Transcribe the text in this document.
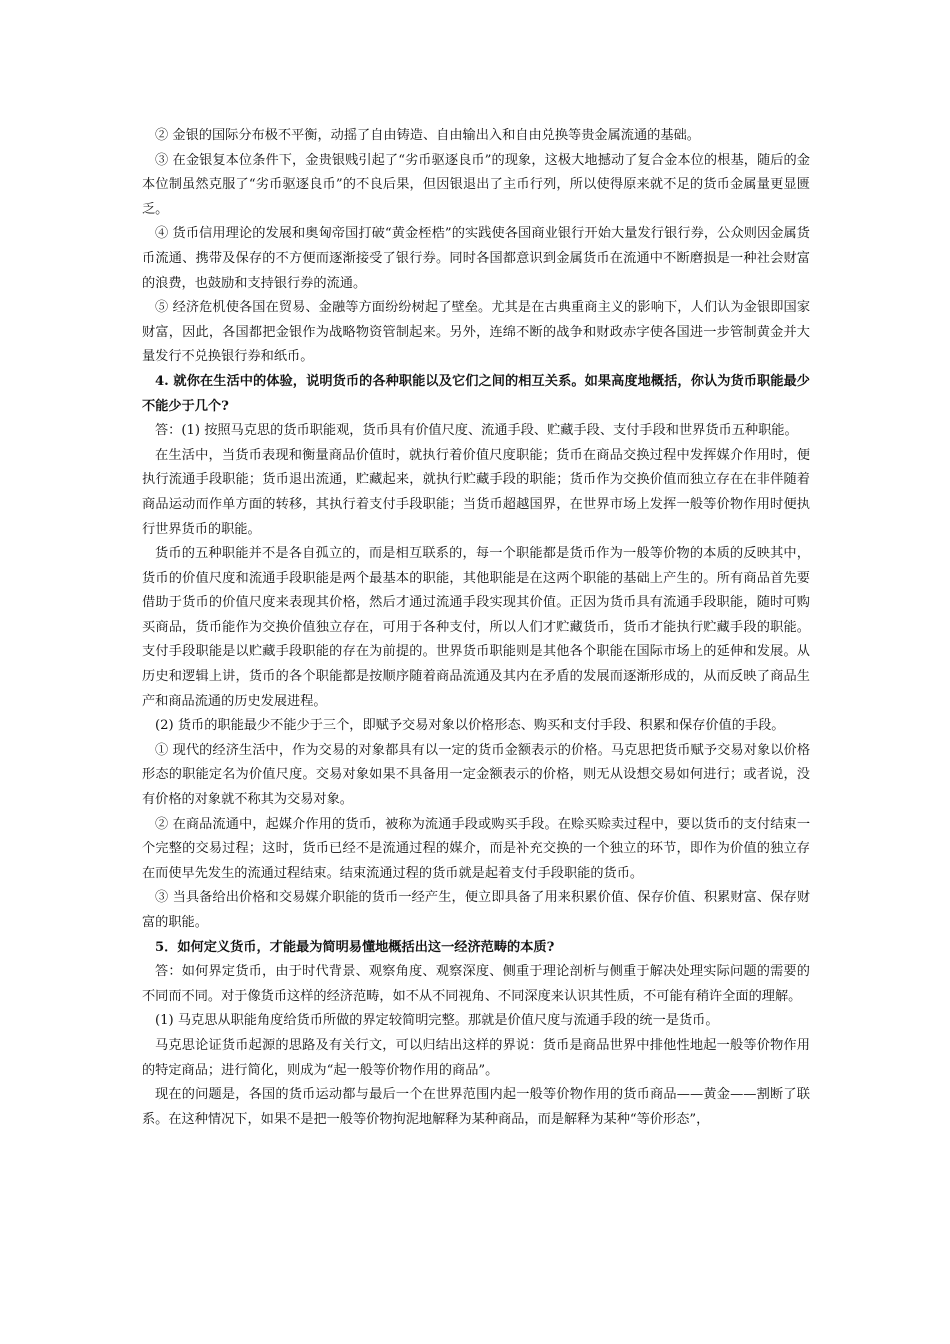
② 金银的国际分布极不平衡，动摇了自由铸造、自由输出入和自由兑换等贵金属流通的基础。

③ 在金银复本位条件下，金贵银贱引起了“劣币驱逐良币”的现象，这极大地撼动了复合金本位的根基，随后的金本位制虽然克服了“劣币驱逐良币”的不良后果，但因银退出了主币行列，所以使得原来就不足的货币金属量更显匮乏。

④ 货币信用理论的发展和奥匈帝国打破“黄金桎梏”的实践使各国商业银行开始大量发行银行券，公众则因金属货币流通、携带及保存的不方便而逐渐接受了银行券。同时各国都意识到金属货币在流通中不断磨损是一种社会财富的浪费，也鼓励和支持银行券的流通。

⑤ 经济危机使各国在贸易、金融等方面纷纷树起了壁垒。尤其是在古典重商主义的影响下，人们认为金银即国家财富，因此，各国都把金银作为战略物资管制起来。另外，连绵不断的战争和财政赤字使各国进一步管制黄金并大量发行不兑换银行券和纸币。

4. 就你在生活中的体验，说明货币的各种职能以及它们之间的相互关系。如果高度地概括，你认为货币职能最少不能少于几个?

答：(1) 按照马克思的货币职能观，货币具有价值尺度、流通手段、贮藏手段、支付手段和世界货币五种职能。

在生活中，当货币表现和衡量商品价值时，就执行着价值尺度职能；货币在商品交换过程中发挥媒介作用时，便执行流通手段职能；货币退出流通，贮藏起来，就执行贮藏手段的职能；货币作为交换价值而独立存在在非伴随着商品运动而作单方面的转移，其执行着支付手段职能；当货币超越国界，在世界市场上发挥一般等价物作用时便执行世界货币的职能。

货币的五种职能并不是各自孤立的，而是相互联系的，每一个职能都是货币作为一般等价物的本质的反映其中，货币的价值尺度和流通手段职能是两个最基本的职能，其他职能是在这两个职能的基础上产生的。所有商品首先要借助于货币的价值尺度来表现其价格，然后才通过流通手段实现其价值。正因为货币具有流通手段职能，随时可购买商品，货币能作为交换价值独立存在，可用于各种支付，所以人们才贮藏货币，货币才能执行贮藏手段的职能。支付手段职能是以贮藏手段职能的存在为前提的。世界货币职能则是其他各个职能在国际市场上的延伸和发展。从历史和逻辑上讲，货币的各个职能都是按顺序随着商品流通及其内在矛盾的发展而逐渐形成的，从而反映了商品生产和商品流通的历史发展进程。

(2) 货币的职能最少不能少于三个，即赋予交易对象以价格形态、购买和支付手段、积累和保存价值的手段。

① 现代的经济生活中，作为交易的对象都具有以一定的货币金额表示的价格。马克思把货币赋予交易对象以价格形态的职能定名为价值尺度。交易对象如果不具备用一定金额表示的价格，则无从设想交易如何进行；或者说，没有价格的对象就不称其为交易对象。

② 在商品流通中，起媒介作用的货币，被称为流通手段或购买手段。在赊买赊卖过程中，要以货币的支付结束一个完整的交易过程；这时，货币已经不是流通过程的媒介，而是补充交换的一个独立的环节，即作为价值的独立存在而使早先发生的流通过程结束。结束流通过程的货币就是起着支付手段职能的货币。

③ 当具备给出价格和交易媒介职能的货币一经产生，便立即具备了用来积累价值、保存价值、积累财富、保存财富的职能。

5．如何定义货币，才能最为简明易懂地概括出这一经济范畴的本质?

答：如何界定货币，由于时代背景、观察角度、观察深度、侧重于理论剖析与侧重于解决处理实际问题的需要的不同而不同。对于像货币这样的经济范畴，如不从不同视角、不同深度来认识其性质，不可能有稍许全面的理解。

(1) 马克思从职能角度给货币所做的界定较简明完整。那就是价值尺度与流通手段的统一是货币。

马克思论证货币起源的思路及有关行文，可以归结出这样的界说：货币是商品世界中排他性地起一般等价物作用的特定商品；进行简化，则成为“起一般等价物作用的商品”。

现在的问题是，各国的货币运动都与最后一个在世界范围内起一般等价物作用的货币商品——黄金——割断了联系。在这种情况下，如果不是把一般等价物拘泥地解释为某种商品，而是解释为某种“等价形态”，
